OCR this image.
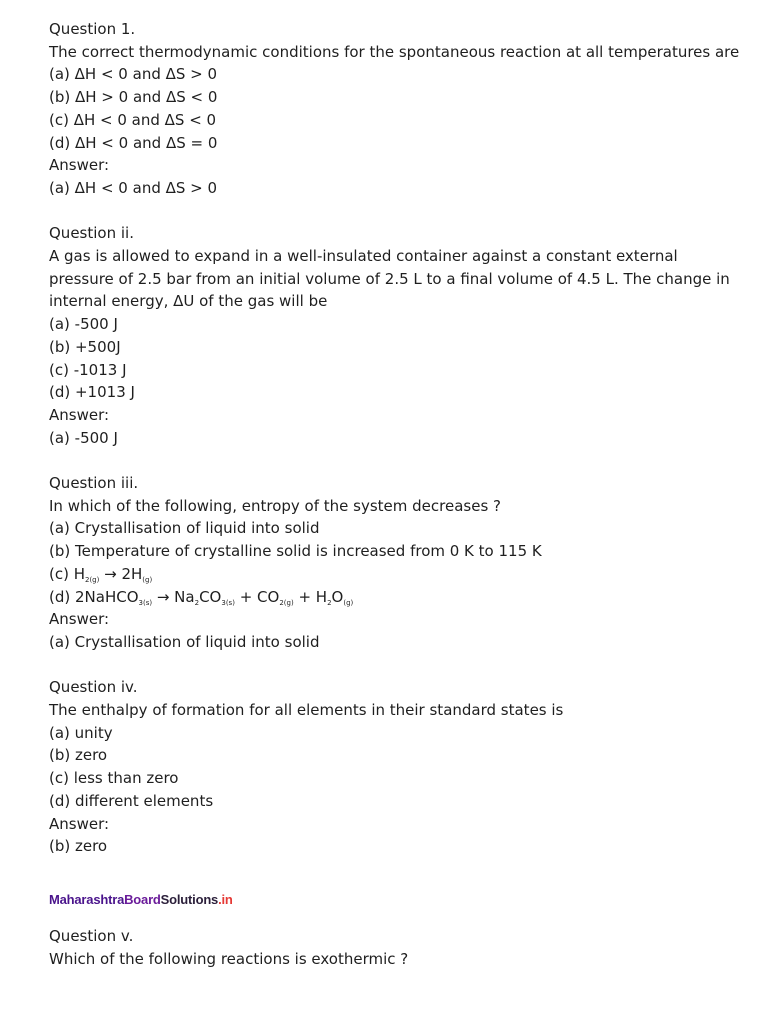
Question 1.
The correct thermodynamic conditions for the spontaneous reaction at all temperatures are
(a) ΔH < 0 and ΔS > 0
(b) ΔH > 0 and ΔS < 0
(c) ΔH < 0 and ΔS < 0
(d) ΔH < 0 and ΔS = 0
Answer:
(a) ΔH < 0 and ΔS > 0
Question ii.
A gas is allowed to expand in a well-insulated container against a constant external
pressure of 2.5 bar from an initial volume of 2.5 L to a final volume of 4.5 L. The change in
internal energy, ΔU of the gas will be
(a) -500 J
(b) +500J
(c) -1013 J
(d) +1013 J
Answer:
(a) -500 J
Question iii.
In which of the following, entropy of the system decreases ?
(a) Crystallisation of liquid into solid
(b) Temperature of crystalline solid is increased from 0 K to 115 K
(c) $H_{2(g)} \to 2H_{(g)}$
(d) 2NaHCO$_{3(s)}$ → $Na_2CO_{3(s)} + CO_{2(g)} + H_2O_{(g)}$
Answer:
(a) Crystallisation of liquid into solid
Question iv.
The enthalpy of formation for all elements in their standard states is
(a) unity
(b) zero
(c) less than zero
(d) different elements
Answer:
(b) zero
MaharashtraBoardSolutions.in
Question v.
Which of the following reactions is exothermic ?
